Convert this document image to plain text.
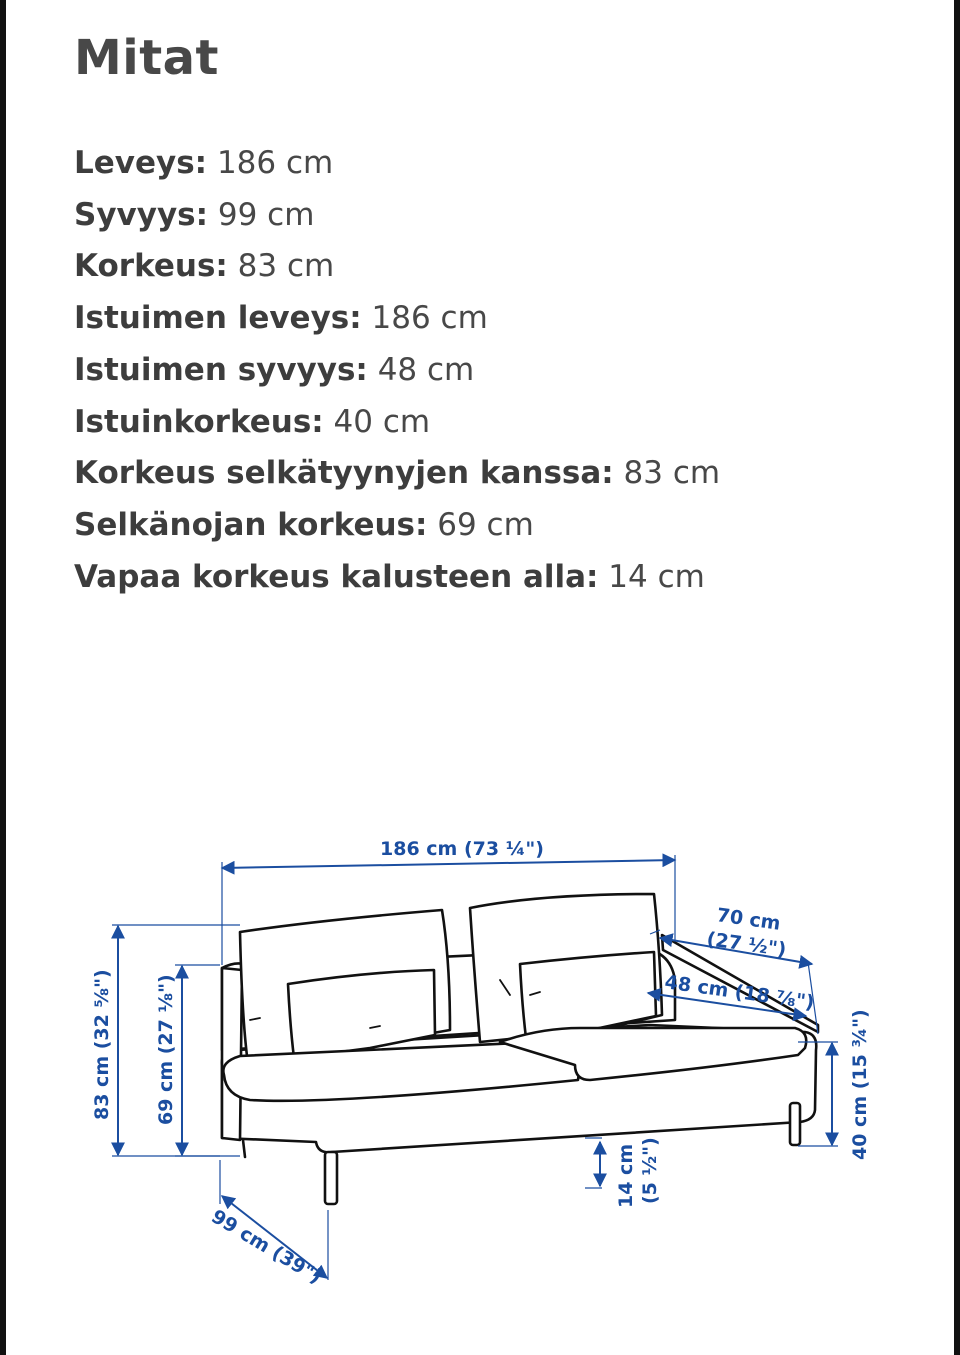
Mitat
Leveys: 186 cm
Syvyys: 99 cm
Korkeus: 83 cm
Istuimen leveys: 186 cm
Istuimen syvyys: 48 cm
Istuinkorkeus: 40 cm
Korkeus selkätyynyjen kanssa: 83 cm
Selkänojan korkeus: 69 cm
Vapaa korkeus kalusteen alla: 14 cm
186 cm (73 ¼")
70 cm
(27 ½")
48 cm (18 ⅞")
83 cm (32 ⅝") 69 cm (27 ⅛")	40 cm (15 ¾")
14 cm (5 ½")
99 cm (39")
